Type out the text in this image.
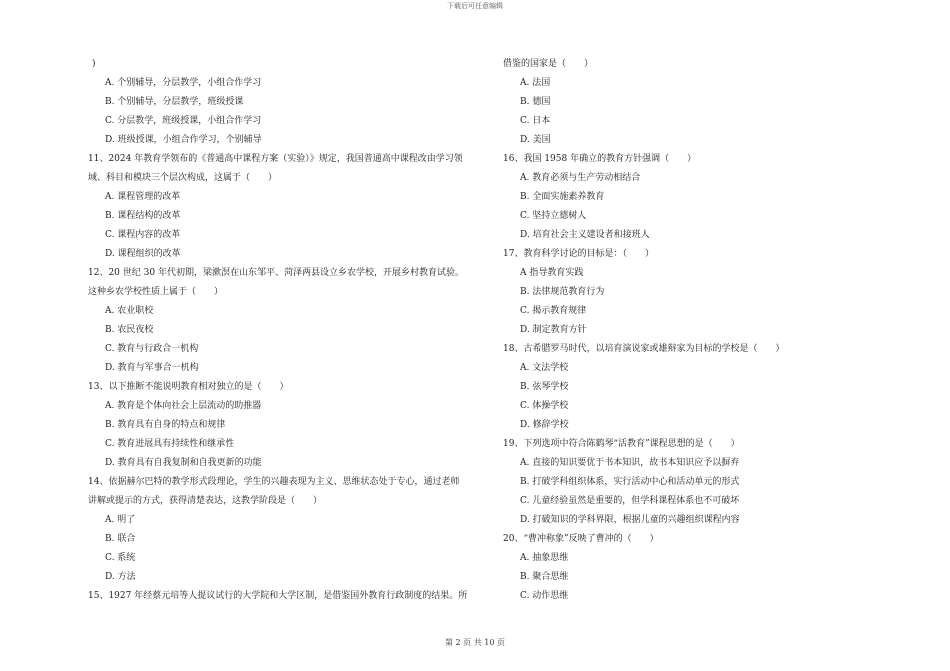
下载后可任意编辑
)
A. 个别辅导，分层教学，小组合作学习
B. 个别辅导，分层教学，班级授课
C. 分层教学，班级授课，小组合作学习
D. 班级授课，小组合作学习，个别辅导
11、2024 年教育学领布的《普通高中课程方案（实验）》规定，我国普通高中课程改由学习领
域、科目和模块三个层次构成，这属于（　　）
A. 课程管理的改革
B. 课程结构的改革
C. 课程内容的改革
D. 课程组织的改革
12、20 世纪 30 年代初期，梁漱溟在山东邹平、菏泽两县设立乡农学校，开展乡村教育试验。
这种乡农学校性质上属于（　　）
A. 农业职校
B. 农民夜校
C. 教育与行政合一机构
D. 教育与军事合一机构
13、以下推断不能说明教育相对独立的是（　　）
A. 教育是个体向社会上层流动的助推器
B. 教育具有自身的特点和规律
C. 教育进展具有持续性和继承性
D. 教育具有自我复制和自我更新的功能
14、依据赫尔巴特的教学形式段理论，学生的兴趣表现为主义、思维状态处于专心，通过老师
讲解或提示的方式，获得清楚表达，这教学阶段是（　　）
A. 明了
B. 联合
C. 系统
D. 方法
15、1927 年经蔡元培等人提议试行的大学院和大学区制，是借鉴国外教育行政制度的结果。所
借鉴的国家是（　　）
A. 法国
B. 德国
C. 日本
D. 美国
16、我国 1958 年确立的教育方针强调（　　）
A. 教育必须与生产劳动相结合
B. 全面实施素养教育
C. 坚持立德树人
D. 培育社会主义建设者和接班人
17、教育科学讨论的目标是：（　　）
A 指导教育实践
B. 法律规范教育行为
C. 揭示教育规律
D. 制定教育方针
18、古希腊罗马时代，以培育演说家或雄辩家为目标的学校是（　　）
A. 文法学校
B. 弦琴学校
C. 体操学校
D. 修辞学校
19、下列选项中符合陈鹤琴“活教育”课程思想的是（　　）
A. 直接的知识要优于书本知识，故书本知识应予以摒弃
B. 打破学科组织体系，实行活动中心和活动单元的形式
C. 儿童经验虽然是重要的，但学科课程体系也不可破坏
D. 打破知识的学科界限，根据儿童的兴趣组织课程内容
20、“曹冲称象”反映了曹冲的（　　）
A. 抽象思维
B. 聚合思维
C. 动作思维
第 2 页 共 10 页
